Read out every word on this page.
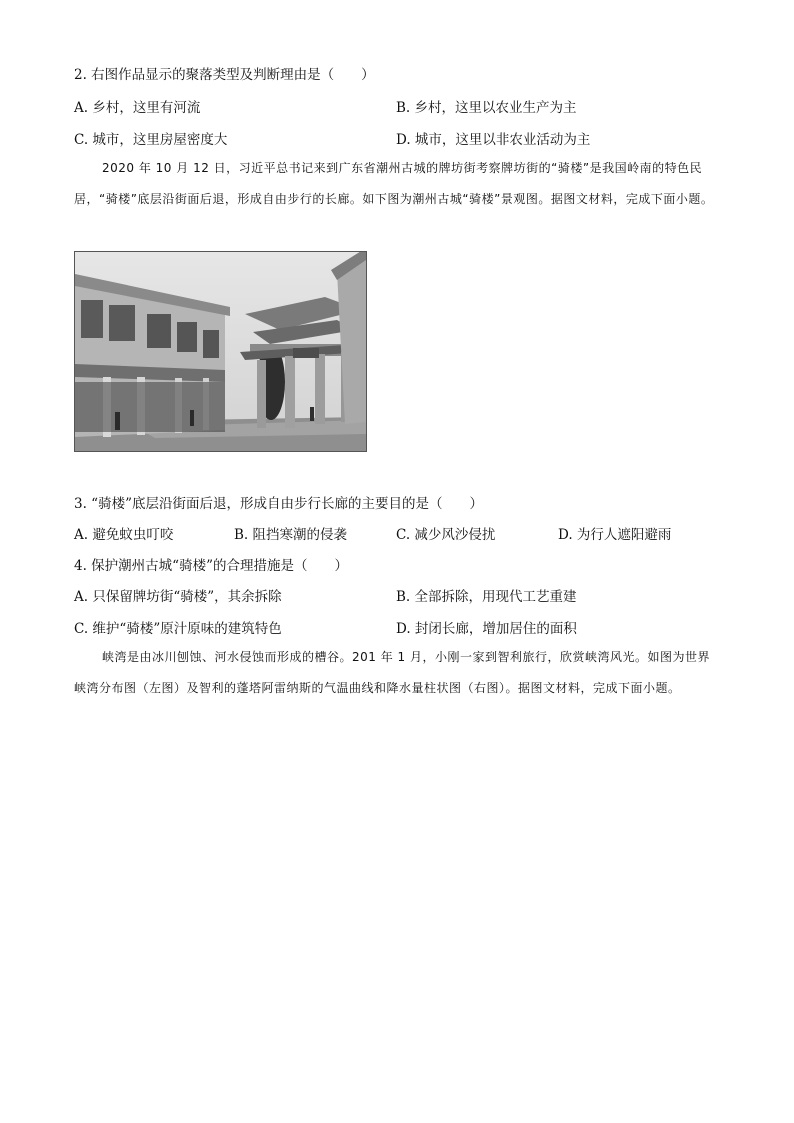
2. 右图作品显示的聚落类型及判断理由是（　　）
A. 乡村，这里有河流	B. 乡村，这里以农业生产为主
C. 城市，这里房屋密度大	D. 城市，这里以非农业活动为主

2020 年 10 月 12 日，习近平总书记来到广东省潮州古城的牌坊街考察牌坊街的“骑楼”是我国岭南的特色民居，“骑楼”底层沿街面后退，形成自由步行的长廊。如下图为潮州古城“骑楼”景观图。据图文材料，完成下面小题。

3. “骑楼”底层沿街面后退，形成自由步行长廊的主要目的是（　　）
A. 避免蚊虫叮咬	B. 阻挡寒潮的侵袭	C. 减少风沙侵扰	D. 为行人遮阳避雨
4. 保护潮州古城“骑楼”的合理措施是（　　）
A. 只保留牌坊街“骑楼”，其余拆除	B. 全部拆除，用现代工艺重建
C. 维护“骑楼”原汁原味的建筑特色	D. 封闭长廊，增加居住的面积

峡湾是由冰川刨蚀、河水侵蚀而形成的槽谷。201 年 1 月，小刚一家到智利旅行，欣赏峡湾风光。如图为世界峡湾分布图（左图）及智利的蓬塔阿雷纳斯的气温曲线和降水量柱状图（右图）。据图文材料，完成下面小题。
